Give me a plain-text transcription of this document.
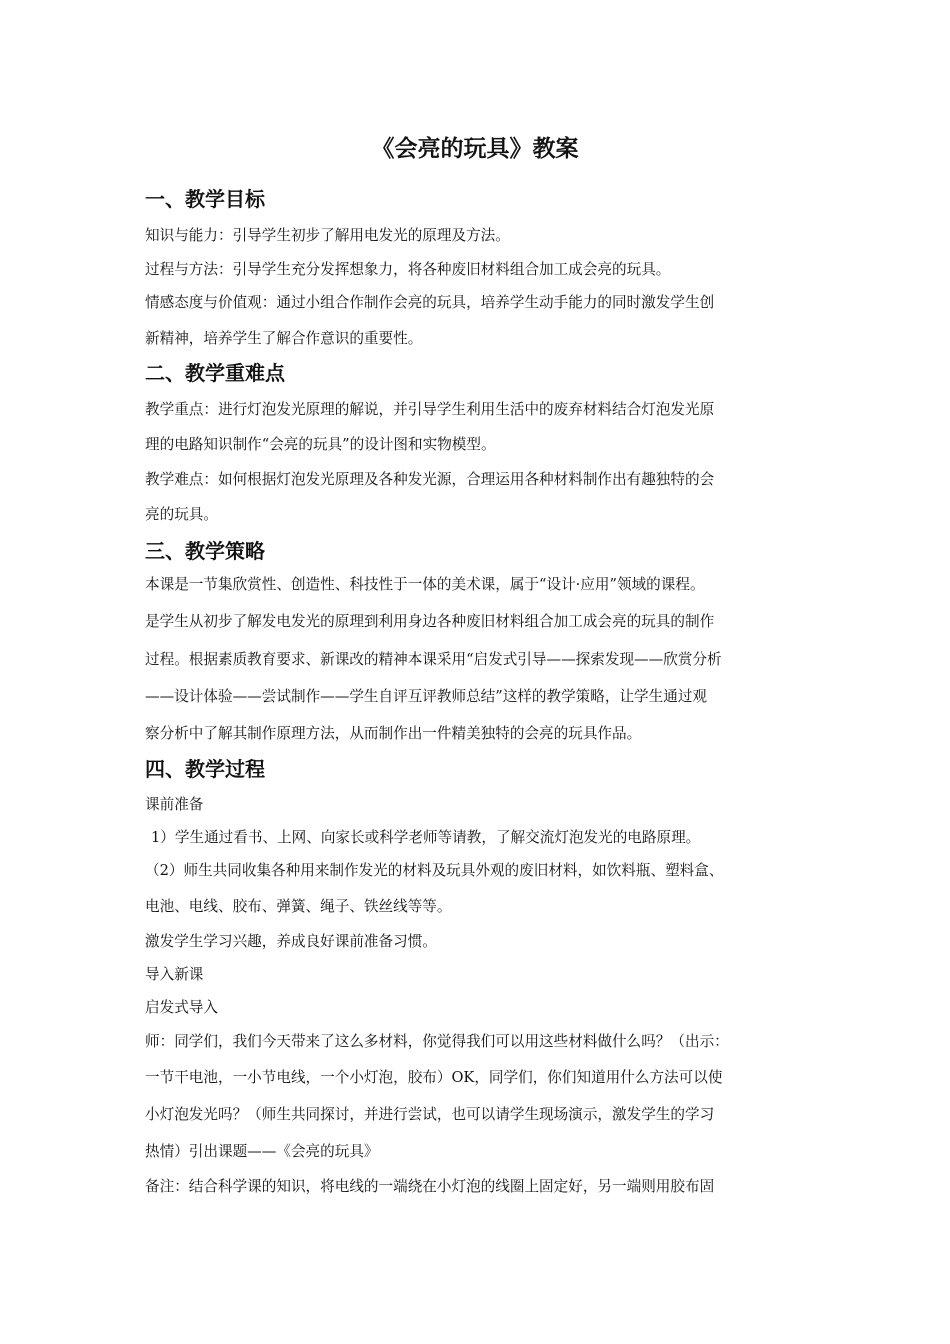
《会亮的玩具》教案
一、教学目标
知识与能力：引导学生初步了解用电发光的原理及方法。
过程与方法：引导学生充分发挥想象力，将各种废旧材料组合加工成会亮的玩具。
情感态度与价值观：通过小组合作制作会亮的玩具，培养学生动手能力的同时激发学生创
新精神，培养学生了解合作意识的重要性。
二、教学重难点
教学重点：进行灯泡发光原理的解说，并引导学生利用生活中的废弃材料结合灯泡发光原
理的电路知识制作“会亮的玩具”的设计图和实物模型。
教学难点：如何根据灯泡发光原理及各种发光源，合理运用各种材料制作出有趣独特的会
亮的玩具。
三、教学策略
本课是一节集欣赏性、创造性、科技性于一体的美术课，属于“设计·应用”领域的课程。
是学生从初步了解发电发光的原理到利用身边各种废旧材料组合加工成会亮的玩具的制作
过程。根据素质教育要求、新课改的精神本课采用“启发式引导——探索发现——欣赏分析
——设计体验——尝试制作——学生自评互评教师总结”这样的教学策略，让学生通过观
察分析中了解其制作原理方法，从而制作出一件精美独特的会亮的玩具作品。
四、教学过程
课前准备
1）学生通过看书、上网、向家长或科学老师等请教，了解交流灯泡发光的电路原理。
（2）师生共同收集各种用来制作发光的材料及玩具外观的废旧材料，如饮料瓶、塑料盒、
电池、电线、胶布、弹簧、绳子、铁丝线等等。
激发学生学习兴趣，养成良好课前准备习惯。
导入新课
启发式导入
师：同学们，我们今天带来了这么多材料，你觉得我们可以用这些材料做什么吗？（出示：
一节干电池，一小节电线，一个小灯泡，胶布）OK，同学们，你们知道用什么方法可以使
小灯泡发光吗？（师生共同探讨，并进行尝试，也可以请学生现场演示，激发学生的学习
热情）引出课题——《会亮的玩具》
备注：结合科学课的知识，将电线的一端绕在小灯泡的线圈上固定好，另一端则用胶布固
